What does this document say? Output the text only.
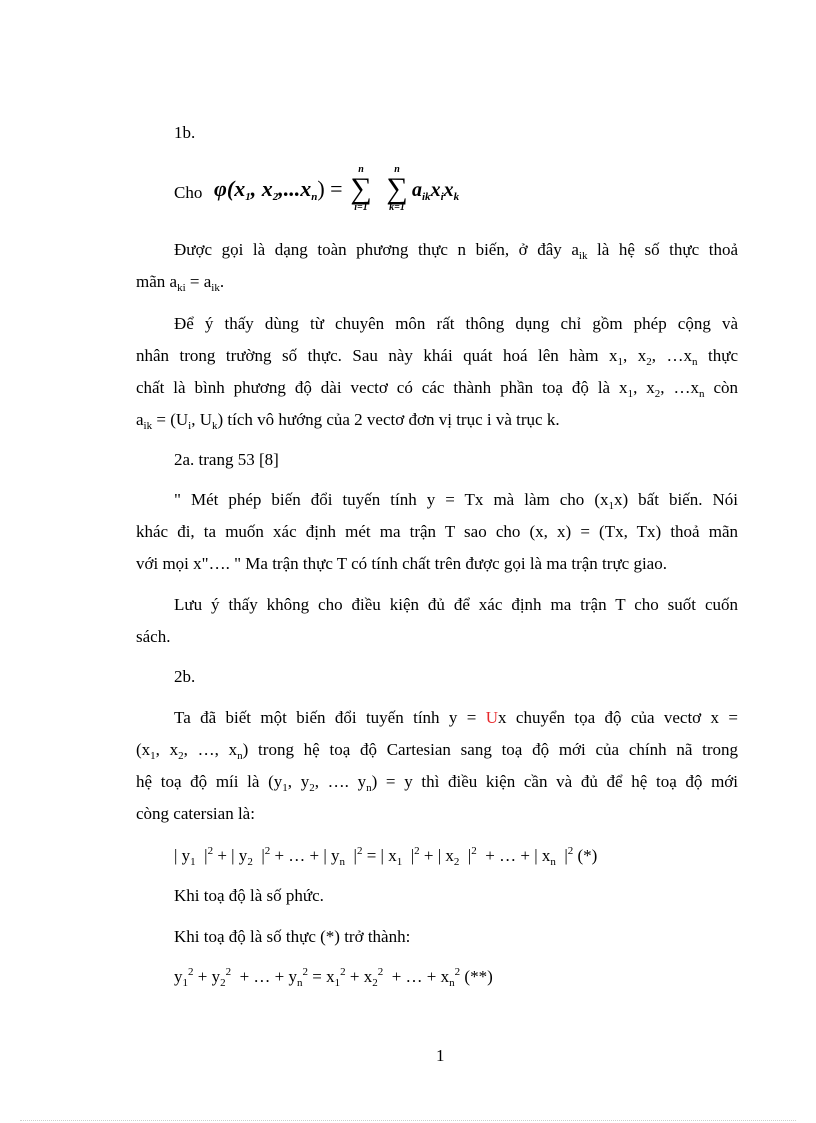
1b.
Cho $\varphi(x_1$, $x_2,...x_n$) =
n
∑
i=1
n
∑
k=1
$a_{ik}x_ix_k$
Được gọi là dạng toàn phương thực n biến, ở đây $a_{ik}$ là hệ số thực thoả
mãn $a_{ki} = a_{ik}$.
Để ý thấy dùng từ chuyên môn rất thông dụng chỉ gồm phép cộng và
nhân trong trường số thực. Sau này khái quát hoá lên hàm $x_1$, $x_2$, $\dots x_n$ thực
chất là bình phương độ dài vectơ có các thành phần toạ độ là $x_1$, $x_2$, $\dots x_n$ còn
$a_{ik} = (U_i$, $U_k$) tích vô hướng của 2 vectơ đơn vị trục i và trục k.
2a. trang 53 [8]
" Mét phép biến đổi tuyến tính y = Tx mà làm cho $(x_1x)$ bất biến. Nói
khác đi, ta muốn xác định mét ma trận T sao cho (x, x) = (Tx, Tx) thoả mãn
với mọi x"…. " Ma trận thực T có tính chất trên được gọi là ma trận trực giao.
Lưu ý thấy không cho điều kiện đủ để xác định ma trận T cho suốt cuốn
sách.
2b.
Ta đã biết một biến đổi tuyến tính y = Ux chuyển tọa độ của vectơ x =
($x_1$, $x_2$, …, $x_n$) trong hệ toạ độ Cartesian sang toạ độ mới của chính nã trong
hệ toạ độ míi là ($y_1$, $y_2$, …. $y_n) = y$ thì điều kiện cần và đủ để hệ toạ độ mới
còng catersian là:
| $y_1$  $|^2$ + | $y_2$  $|^2$ + … + | $y_n$  $|^2$ = | $x_1$  $|^2$ + | $x_2$  $|^2$  + … + | $x_n$  $|^2$ (*)
Khi toạ độ là số phức.
Khi toạ độ là số thực (*) trở thành:
$y_1^2 + y_2^2$  + … + $y_n^2 = x_1^2 + x_2^2$  + … + $x_n^2$ (**)
1
